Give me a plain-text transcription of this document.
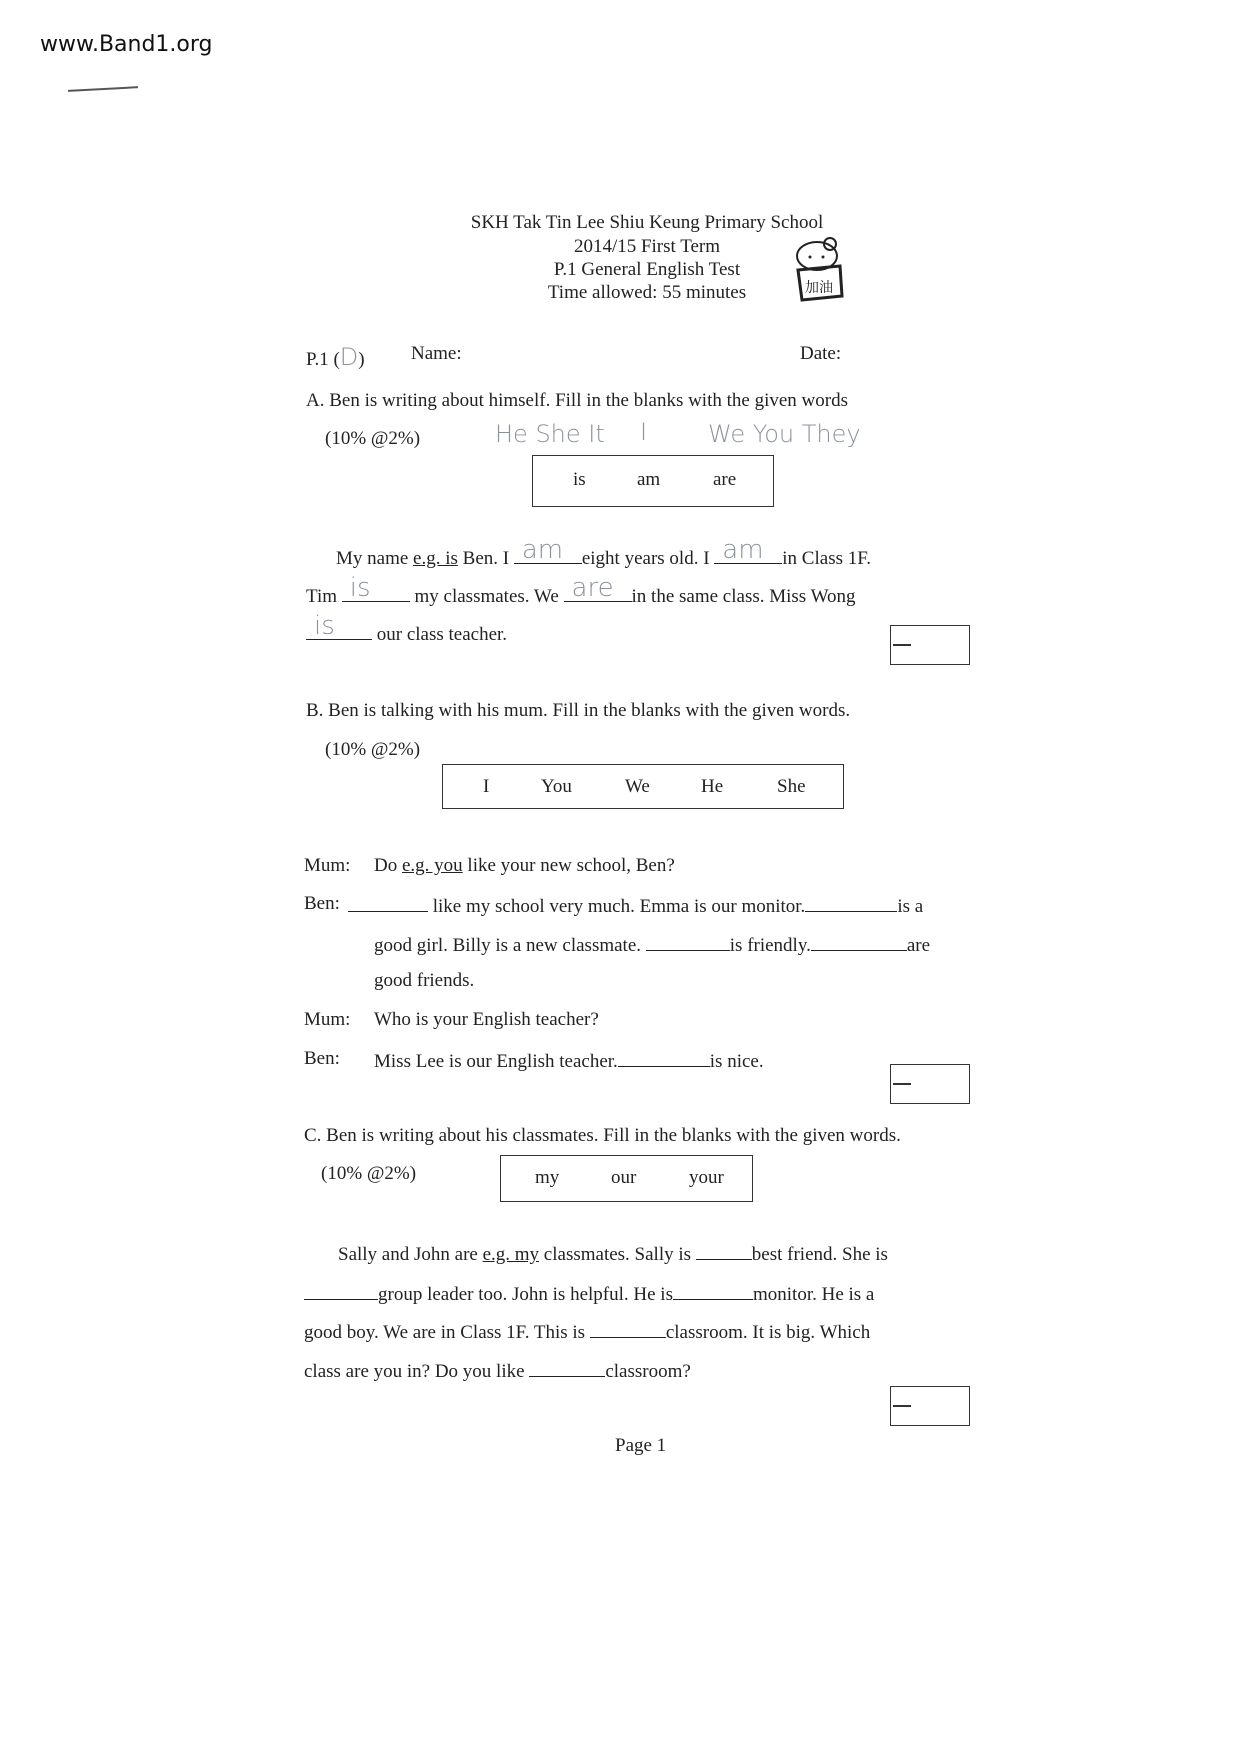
www.Band1.org
SKH Tak Tin Lee Shiu Keung Primary School
2014/15 First Term
P.1 General English Test
Time allowed: 55 minutes	加油
P.1 (D) Name:	Date:
A. Ben is writing about himself. Fill in the blanks with the given words
(10% @2%)	He She It I	We You They
is	am	are
My name e.g. is Ben. I am eight years old. I am in Class 1F.
Tim is my classmates. We are in the same class. Miss Wong
is our class teacher.
B. Ben is talking with his mum. Fill in the blanks with the given words.
(10% @2%)
I	You	We	He	She
Mum: Do e.g. you like your new school, Ben?
Ben:	like my school very much. Emma is our monitor.	is a
good girl. Billy is a new classmate.	is friendly.	are
good friends.
Mum: Who is your English teacher?
Ben: Miss Lee is our English teacher.	is nice.
C. Ben is writing about his classmates. Fill in the blanks with the given words.
(10% @2%)	my	our	your
Sally and John are e.g. my classmates. Sally is	best friend. She is
group leader too. John is helpful. He is	monitor. He is a
good boy. We are in Class 1F. This is	classroom. It is big. Which
class are you in? Do you like	classroom?
Page 1
